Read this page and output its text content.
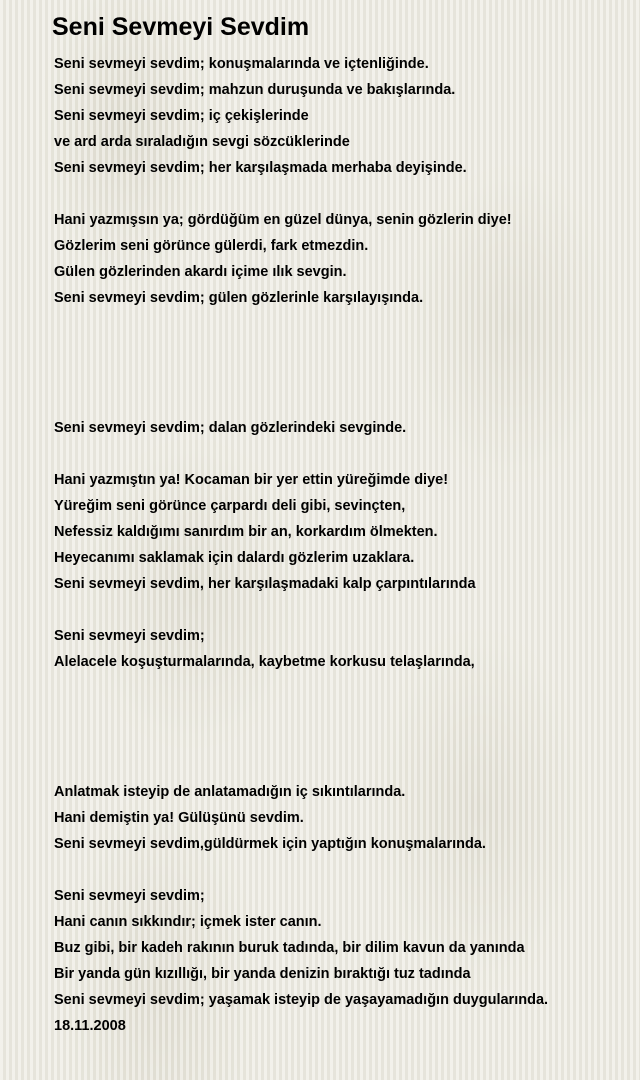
Seni Sevmeyi Sevdim
Seni sevmeyi sevdim; konuşmalarında ve içtenliğinde.
Seni sevmeyi sevdim; mahzun duruşunda ve bakışlarında.
Seni sevmeyi sevdim; iç çekişlerinde
ve ard arda sıraladığın sevgi sözcüklerinde
Seni sevmeyi sevdim; her karşılaşmada merhaba deyişinde.
Hani yazmışsın ya; gördüğüm en güzel dünya, senin gözlerin diye!
Gözlerim seni görünce gülerdi, fark etmezdin.
Gülen gözlerinden akardı içime ılık sevgin.
Seni sevmeyi sevdim; gülen gözlerinle karşılayışında.
Seni sevmeyi sevdim; dalan gözlerindeki sevginde.
Hani yazmıştın ya! Kocaman bir yer ettin yüreğimde diye!
Yüreğim seni görünce çarpardı deli gibi, sevinçten,
Nefessiz kaldığımı sanırdım bir an, korkardım ölmekten.
Heyecanımı saklamak için dalardı gözlerim uzaklara.
Seni sevmeyi sevdim, her karşılaşmadaki kalp çarpıntılarında
Seni sevmeyi sevdim;
Alelacele koşuşturmalarında, kaybetme korkusu telaşlarında,
Anlatmak isteyip de anlatamadığın iç sıkıntılarında.
Hani demiştin ya! Gülüşünü sevdim.
Seni sevmeyi sevdim,güldürmek için yaptığın konuşmalarında.
Seni sevmeyi sevdim;
Hani canın sıkkındır; içmek ister canın.
Buz gibi, bir kadeh rakının buruk tadında, bir dilim kavun da yanında
Bir yanda gün kızıllığı, bir yanda denizin bıraktığı tuz tadında
Seni sevmeyi sevdim; yaşamak isteyip de yaşayamadığın duygularında.
18.11.2008
